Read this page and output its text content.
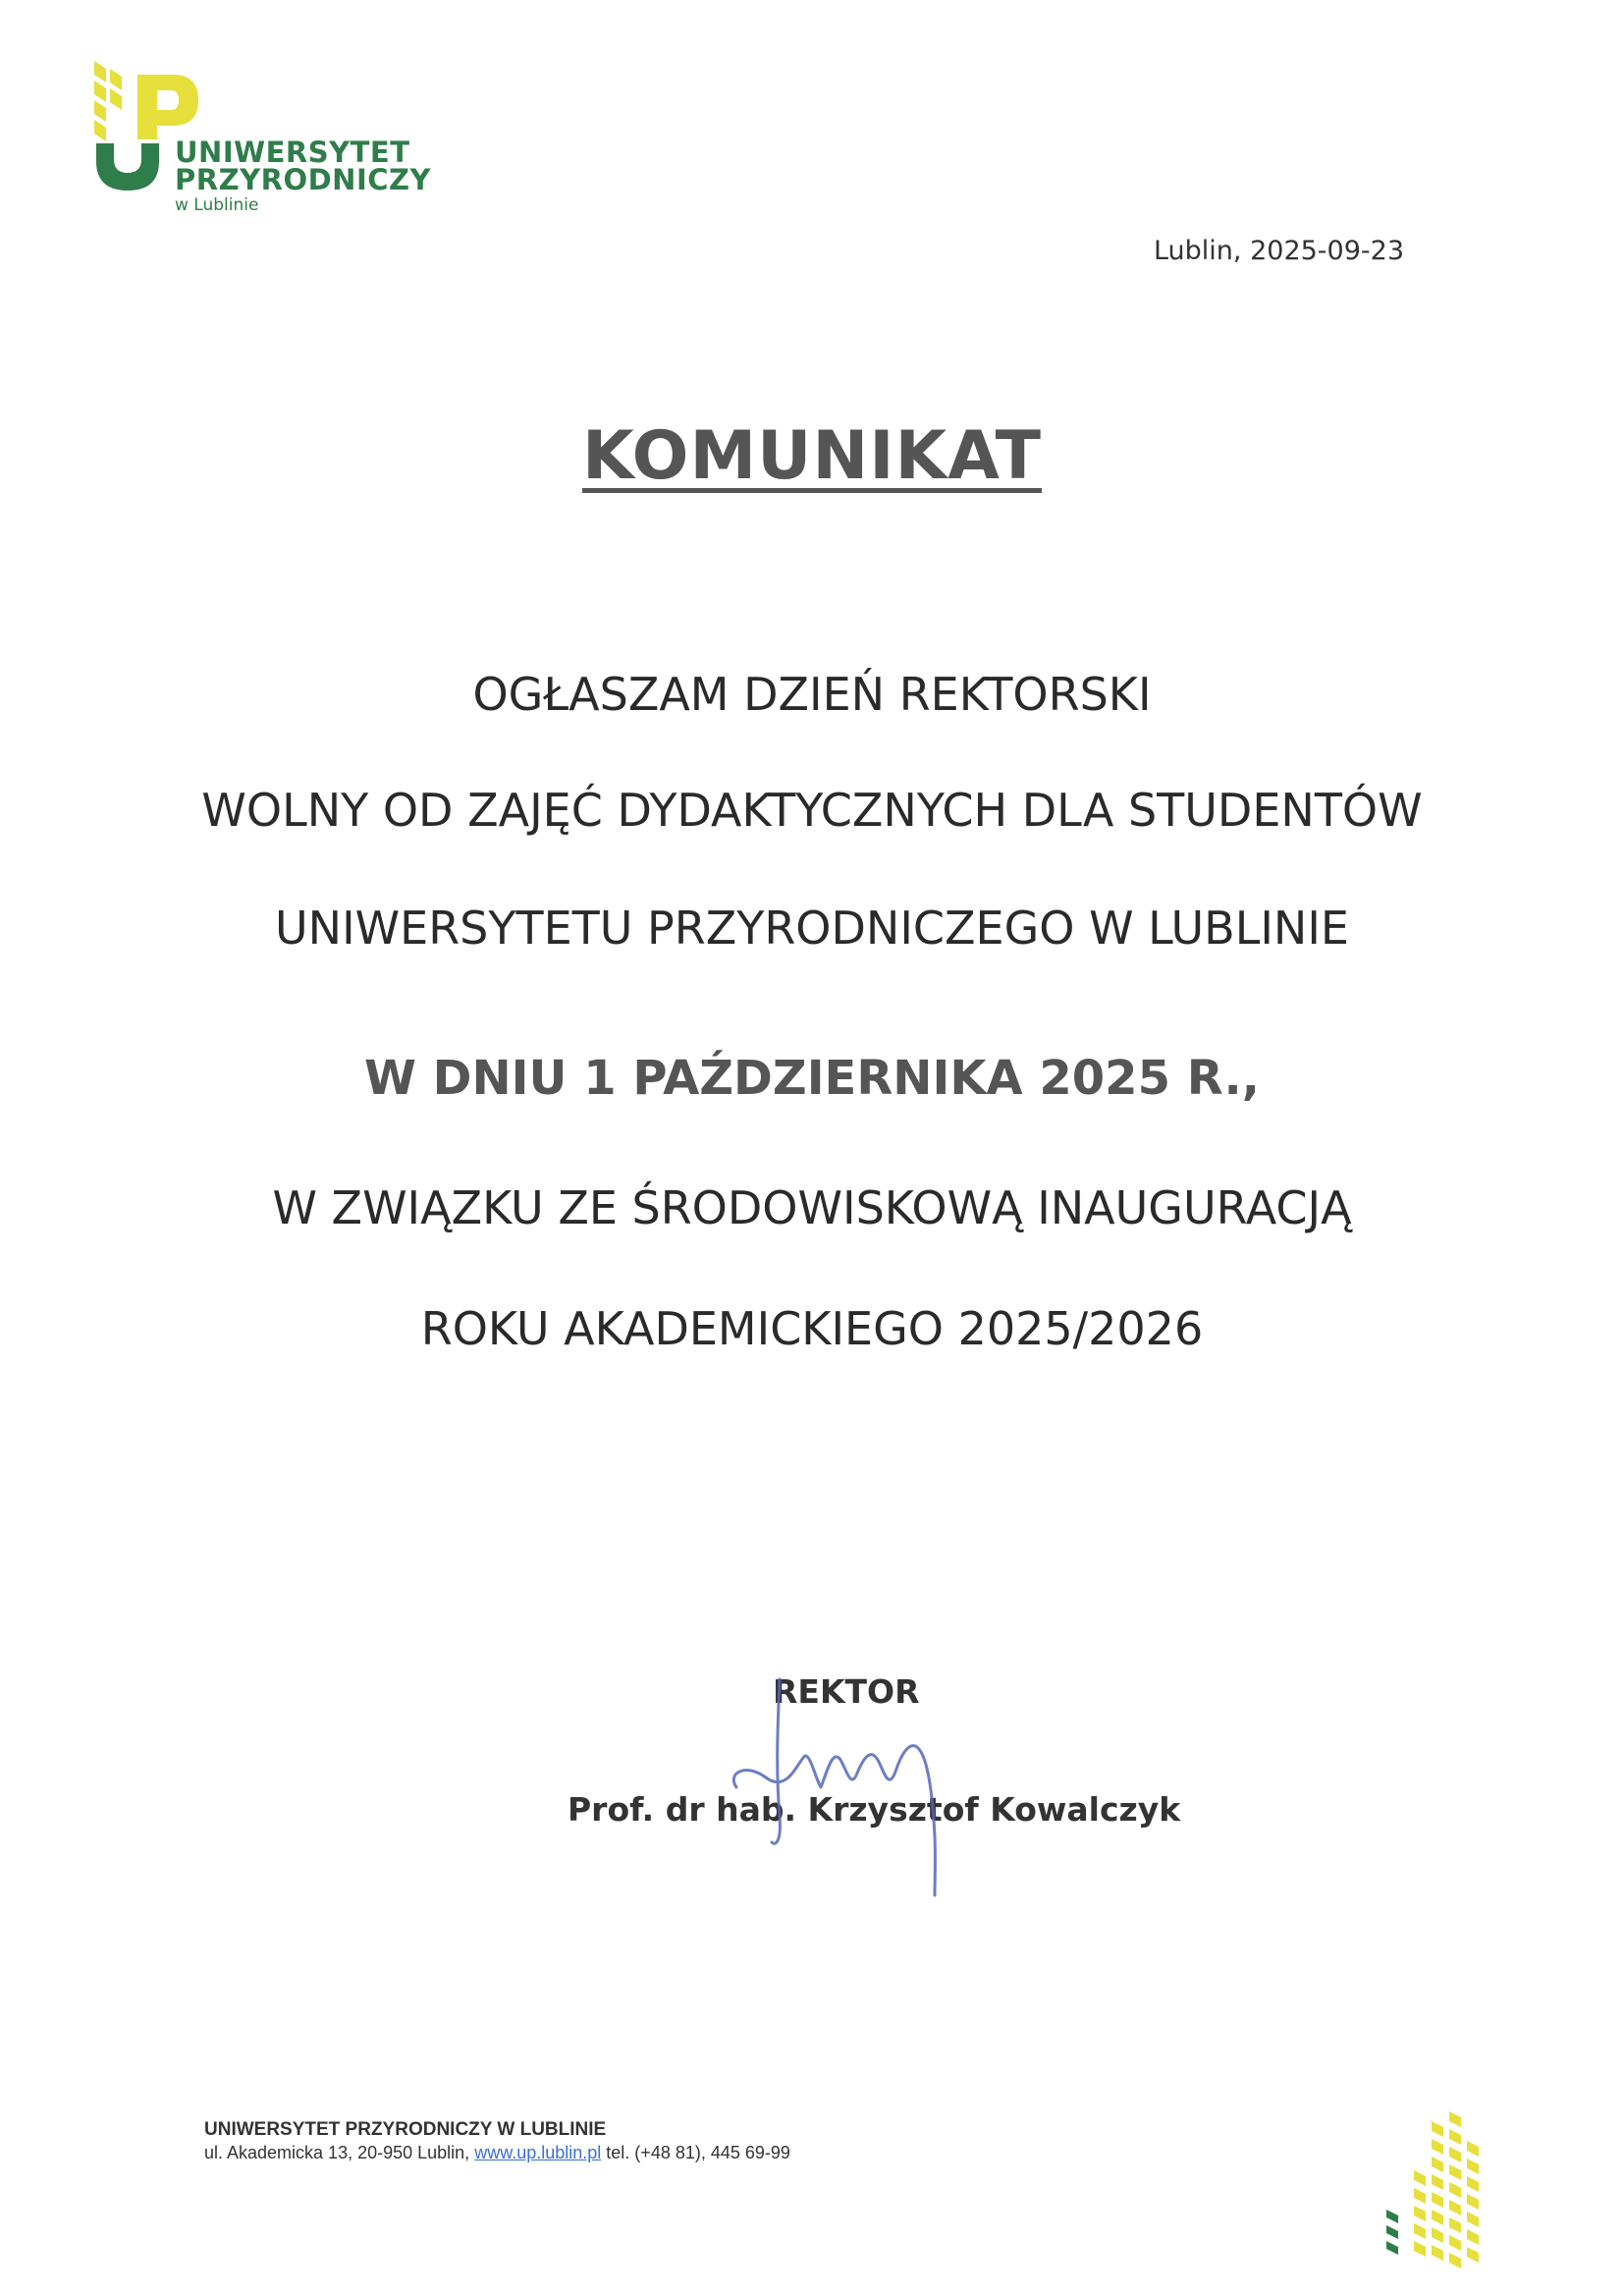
UNIWERSYTET
PRZYRODNICZY
w Lublinie
Lublin, 2025-09-23
KOMUNIKAT
OGŁASZAM DZIEŃ REKTORSKI
WOLNY OD ZAJĘĆ DYDAKTYCZNYCH DLA STUDENTÓW
UNIWERSYTETU PRZYRODNICZEGO W LUBLINIE
W DNIU 1 PAŹDZIERNIKA 2025 R.,
W ZWIĄZKU ZE ŚRODOWISKOWĄ INAUGURACJĄ
ROKU AKADEMICKIEGO 2025/2026
REKTOR
Prof. dr hab. Krzysztof Kowalczyk
UNIWERSYTET PRZYRODNICZY W LUBLINIE
ul. Akademicka 13, 20-950 Lublin, www.up.lublin.pl tel. (+48 81), 445 69-99
